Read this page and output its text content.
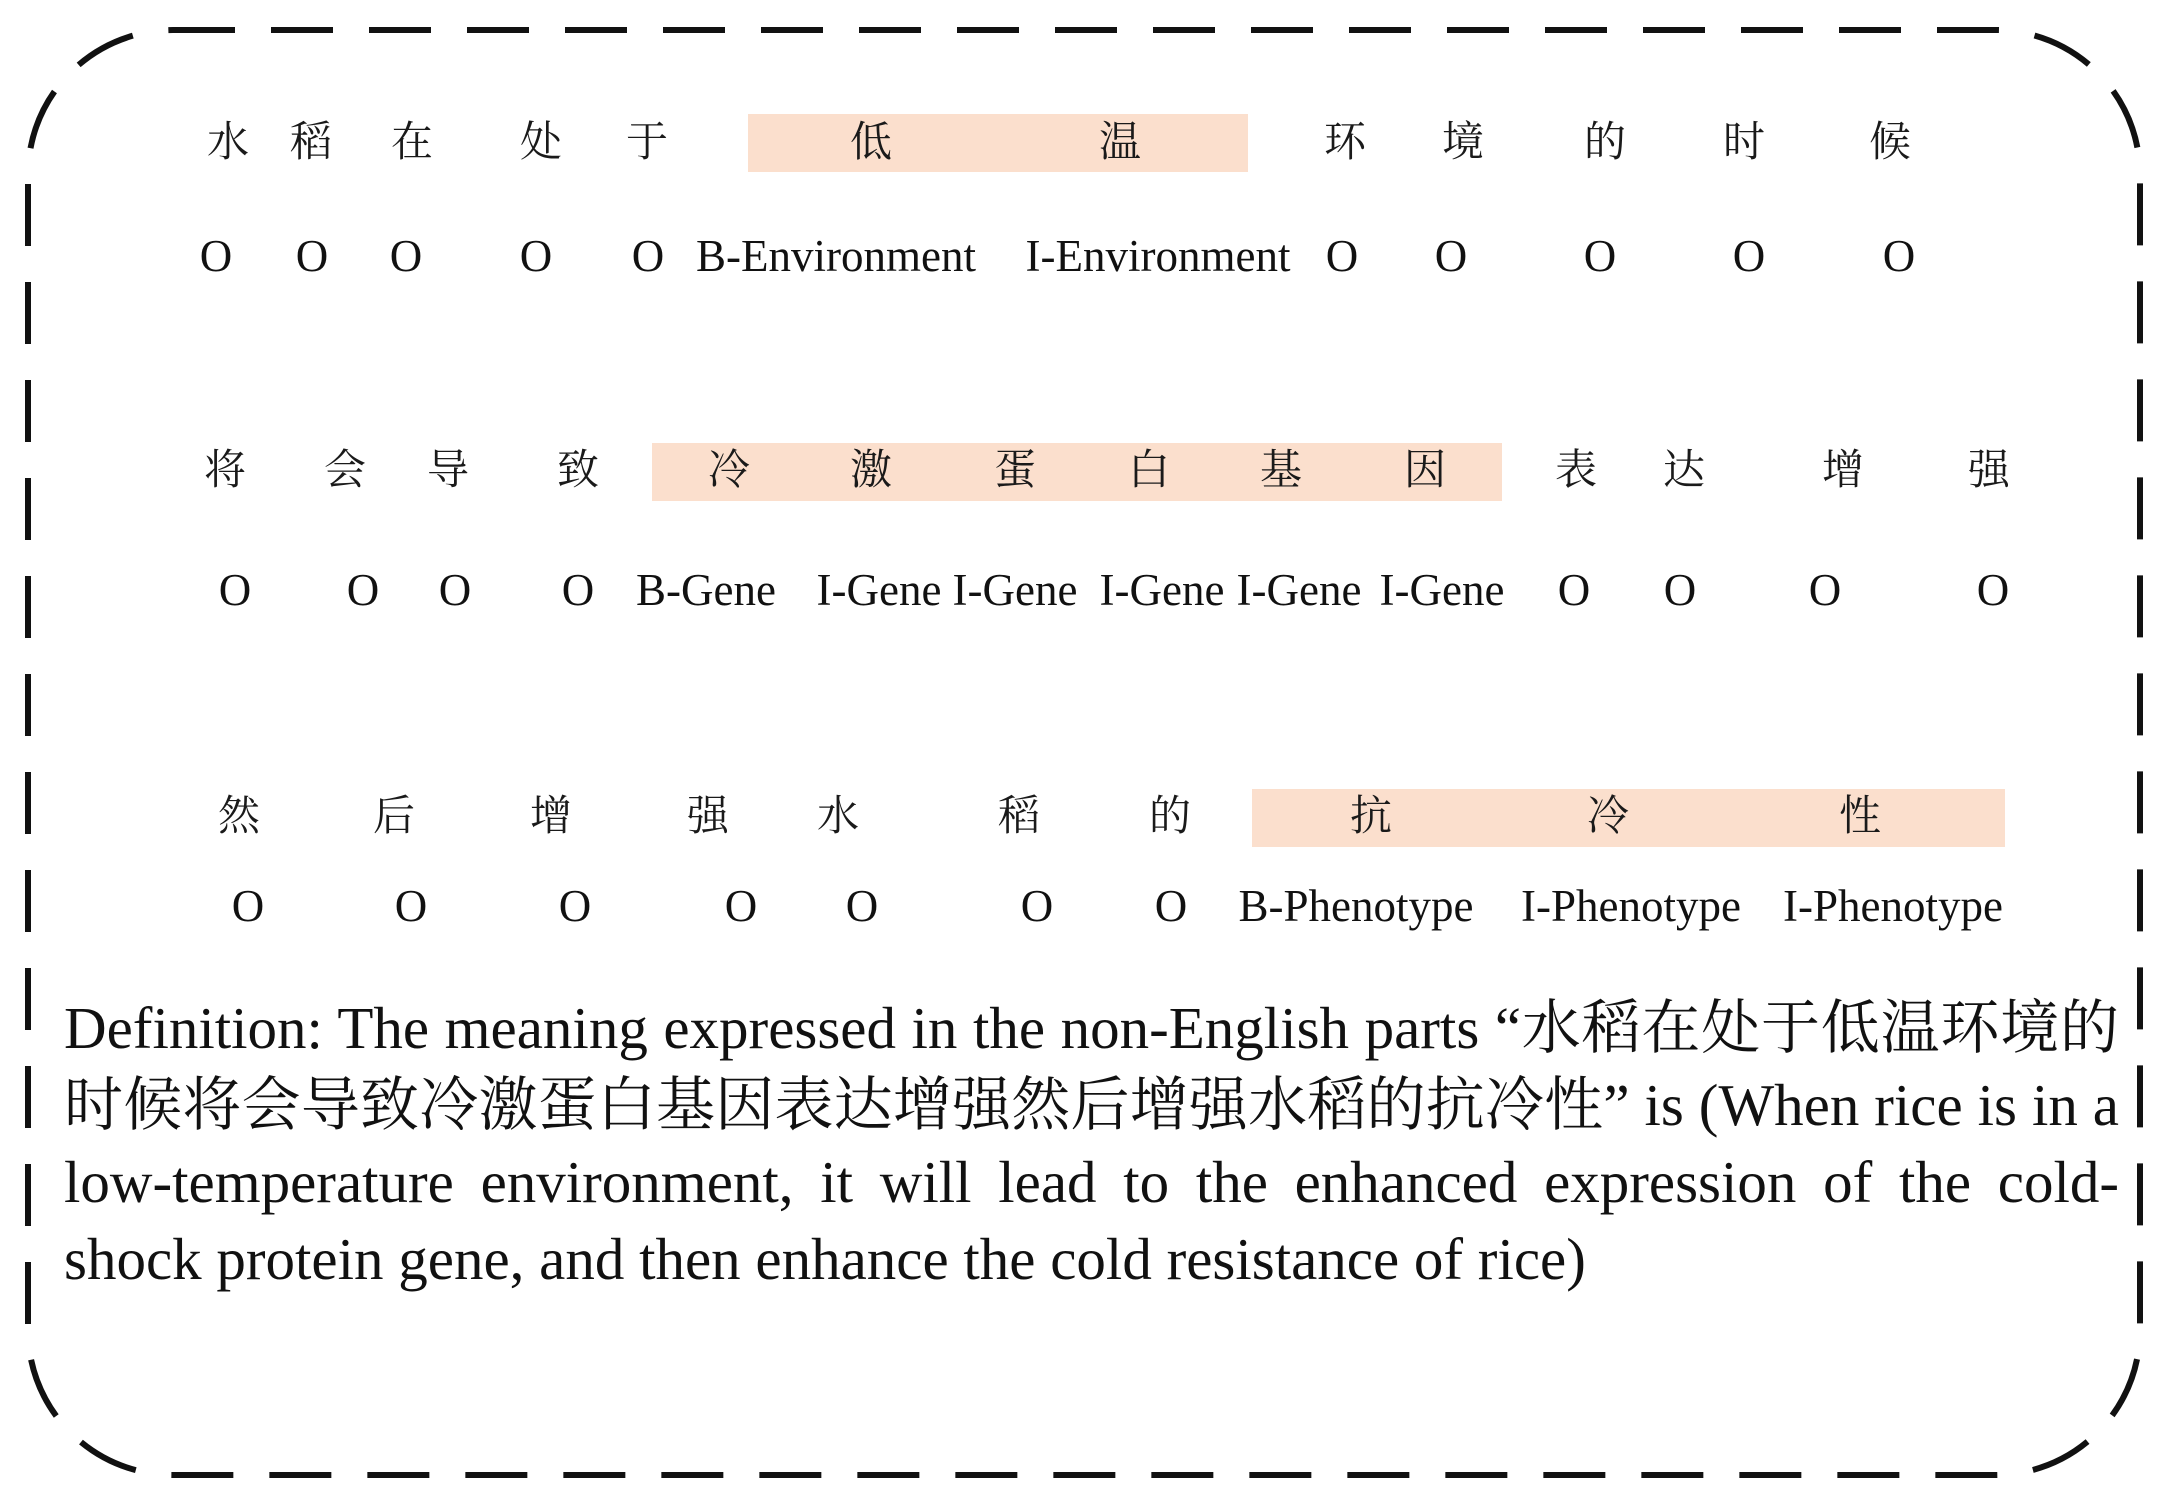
水 稻 在 处 于	低	温	环 境 的 时 候
O O O O O B-Environment I-Environment O O	O	O	O
将 会 导 致	冷 激 蛋 白 基 因	表 达	增 强
O O O O B-Gene I-Gene I-Gene I-Gene I-Gene I-Gene O O	O	O
然	后	增	强 水	稻	的	抗	冷	性
O	O	O	O O	O O B-Phenotype I-Phenotype I-Phenotype
Definition: The meaning expressed in the non-English parts “水稻在处于低温环境的时候将会导致冷激蛋白基因表达增强然后增强水稻的抗冷性” is (When rice is in a low-temperature environment, it will lead to the enhanced expression of the cold-shock protein gene, and then enhance the cold resistance of rice)
